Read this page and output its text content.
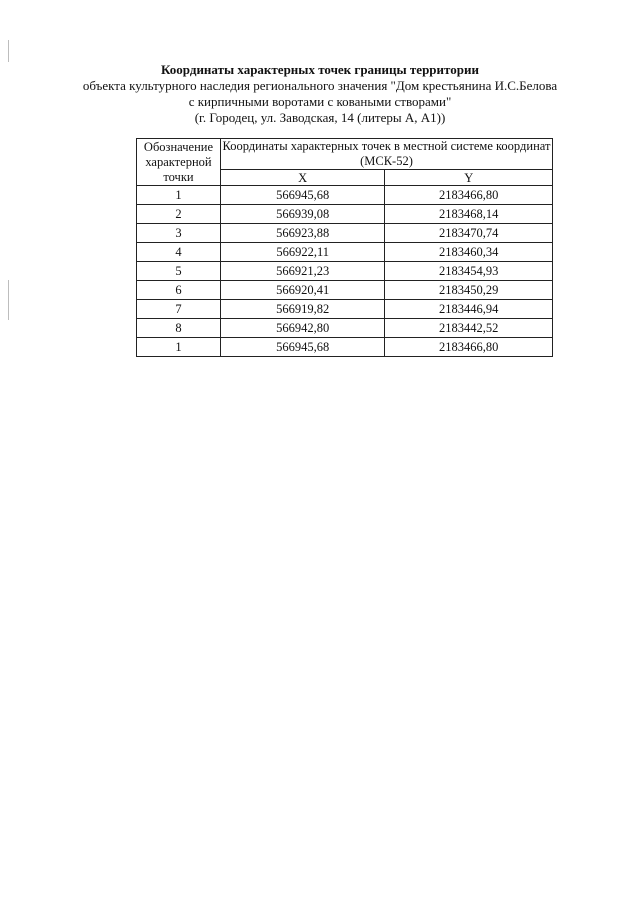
Координаты характерных точек границы территории
объекта культурного наследия регионального значения "Дом крестьянина И.С.Белова
с кирпичными воротами с коваными створами"
(г. Городец, ул. Заводская, 14 (литеры А, А1))
Обозначение характерной точки	Координаты характерных точек в местной системе координат (МСК-52)	
	X	Y
1	566945,68	2183466,80
2	566939,08	2183468,14
3	566923,88	2183470,74
4	566922,11	2183460,34
5	566921,23	2183454,93
6	566920,41	2183450,29
7	566919,82	2183446,94
8	566942,80	2183442,52
1	566945,68	2183466,80
